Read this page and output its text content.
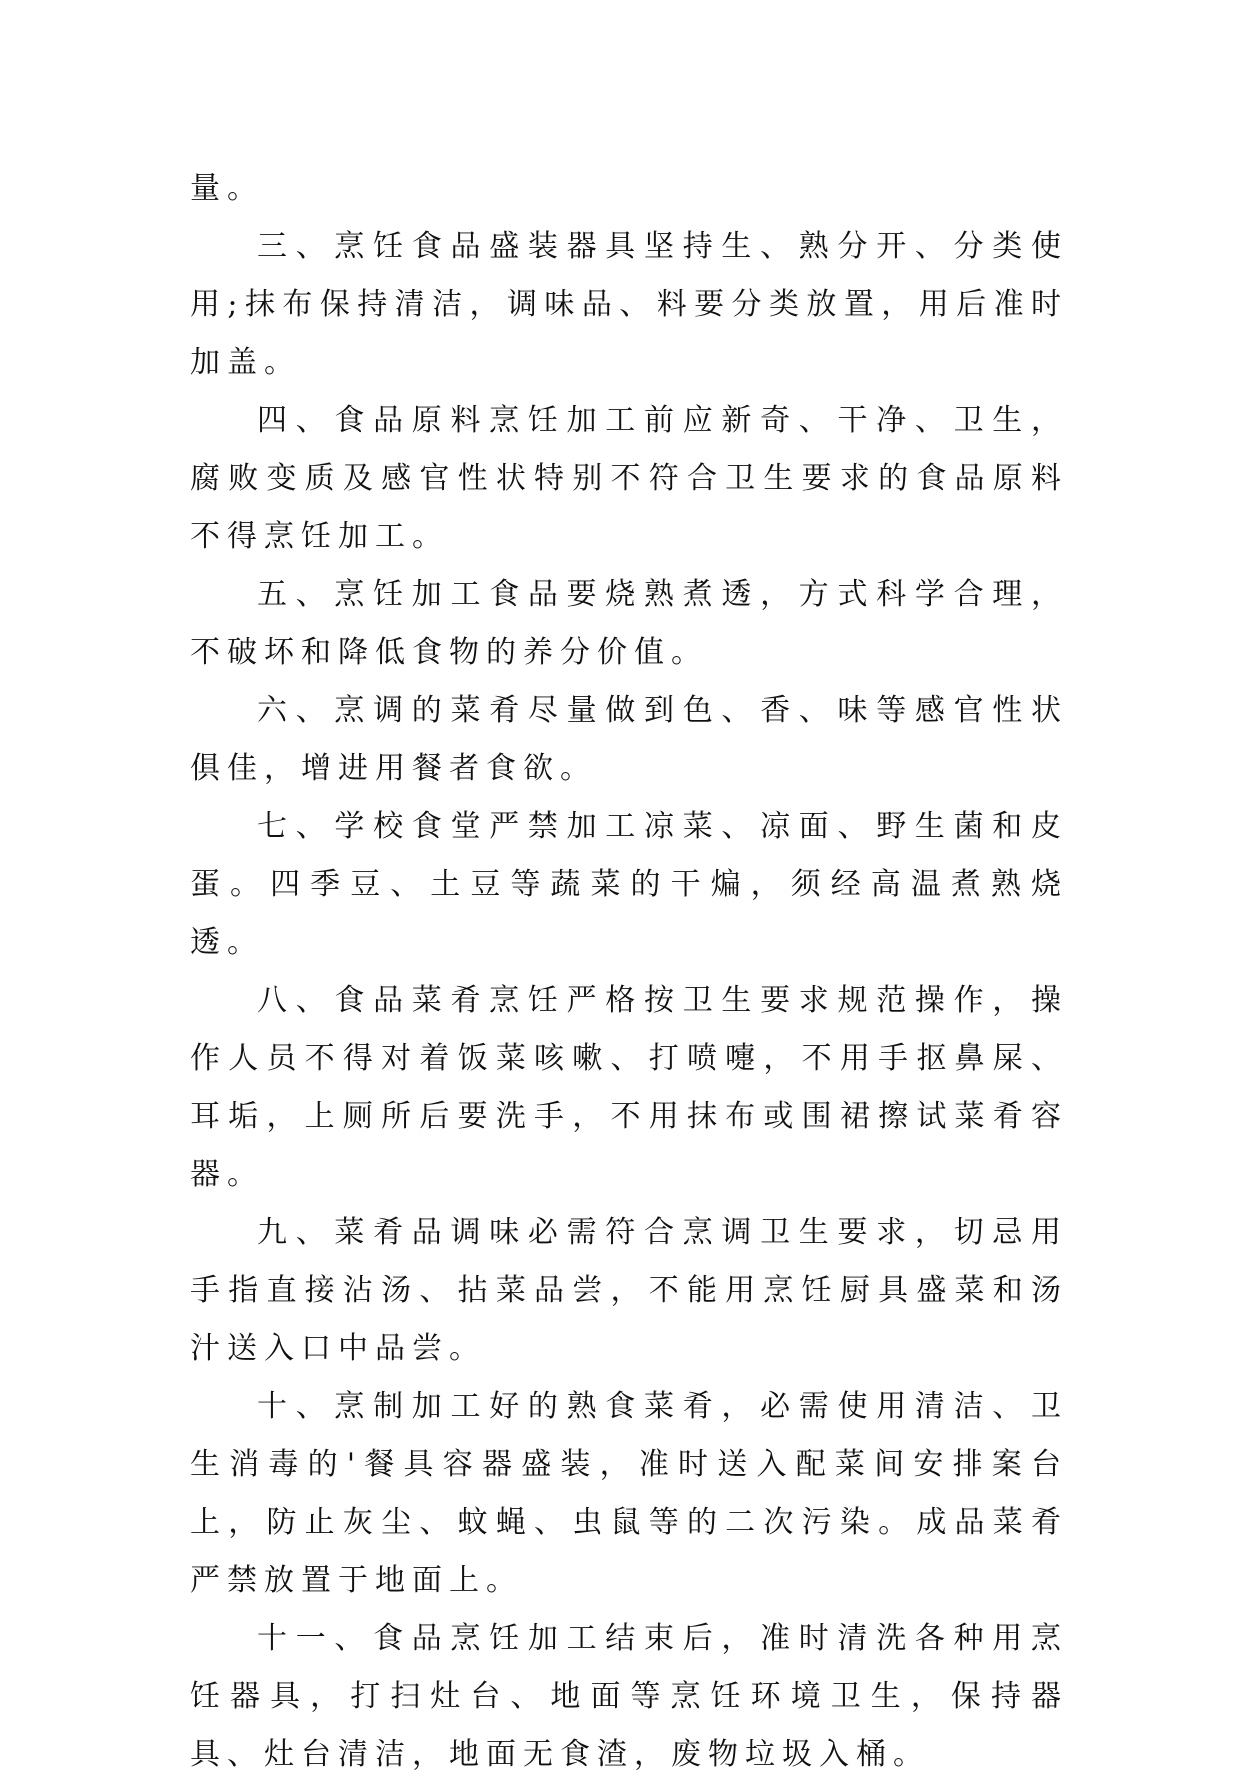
量。

三、烹饪食品盛装器具坚持生、熟分开、分类使用;抹布保持清洁，调味品、料要分类放置，用后准时加盖。

四、食品原料烹饪加工前应新奇、干净、卫生，腐败变质及感官性状特别不符合卫生要求的食品原料不得烹饪加工。

五、烹饪加工食品要烧熟煮透，方式科学合理，不破坏和降低食物的养分价值。

六、烹调的菜肴尽量做到色、香、味等感官性状俱佳，增进用餐者食欲。

七、学校食堂严禁加工凉菜、凉面、野生菌和皮蛋。四季豆、土豆等蔬菜的干煸，须经高温煮熟烧透。

八、食品菜肴烹饪严格按卫生要求规范操作，操作人员不得对着饭菜咳嗽、打喷嚏，不用手抠鼻屎、耳垢，上厕所后要洗手，不用抹布或围裙擦试菜肴容器。

九、菜肴品调味必需符合烹调卫生要求，切忌用手指直接沾汤、拈菜品尝，不能用烹饪厨具盛菜和汤汁送入口中品尝。

十、烹制加工好的熟食菜肴，必需使用清洁、卫生消毒的'餐具容器盛装，准时送入配菜间安排案台上，防止灰尘、蚊蝇、虫鼠等的二次污染。成品菜肴严禁放置于地面上。

十一、食品烹饪加工结束后，准时清洗各种用烹饪器具，打扫灶台、地面等烹饪环境卫生，保持器具、灶台清洁，地面无食渣，废物垃圾入桶。
